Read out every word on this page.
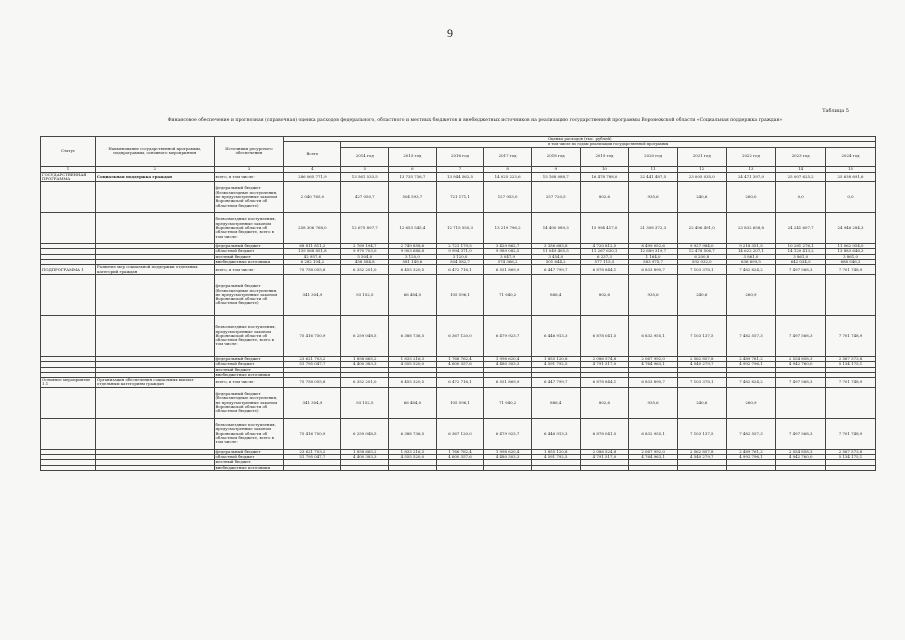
9
Таблица 5
Финансовое обеспечение и прогнозная (справочная) оценка расходов федерального, областного и местных бюджетов и внебюджетных источников на реализацию государственной программы Воронежской области «Социальная поддержка граждан»
Статус	Наименование государственной программы, подпрограммы, основного мероприятия	Источники ресурсного обеспечения	Оценка расходов (тыс. рублей)											
			Всего	в том числе по годам реализации государственной программы										
				2014 год	2015 год	2016 год	2017 год	2018 год	2019 год	2020 год	2021 год	2022 год	2023 год	2024 год
1	2	3	4	5	6	7	8	9	10	11	12	13	14	15
ГОСУДАРСТВЕННАЯ ПРОГРАММА	Социальная поддержка граждан	всего, в том числе:	286 065 771,9	13 561 533,5	13 735 736,7	13 944 562,5	14 025 223,6	15 168 088,7	16 478 788,0	22 441 487,5	23 005 035,0	24 471 397,0	25 007 625,2	25 638 691,6
		федеральный бюджет (безвозмездные поступления, не предусмотренные законом Воронежской области об областном бюджете)	2 040 765,0	427 050,7	504 593,7	721 171,1	127 953,0	257 720,5	802,6	935,6	240,6	260,0	0,0	0,0
		безвозмездные поступления, предусмотренные законом Воронежской области об областном бюджете, всего в том числе:	258 306 768,0	12 675 897,7	12 653 545,4	12 715 550,3	13 219 796,2	14 400 089,3	15 994 417,0	21 308 372,3	22 406 491,0	23 832 658,8	24 241 607,7	24 946 284,3
		федеральный бюджет	68 811 811,2	2 769 194,7	2 749 858,6	2 721 179,5	3 429 862,7	3 356 683,8	4 720 812,5	8 499 052,6	9 927 984,0	9 218 351,5	10 281 276,1	11 062 954,0
		областной бюджет	139 568 851,8	9 970 703,0	9 903 686,8	9 994 371,0	9 989 082,5	11 049 405,5	11 267 630,1	12 689 319,7	12 478 506,7	14 622 207,1	14 120 413,2	13 883 646,3
		местный бюджет	42 957,6	5 504,0	3 120,0	3 120,0	3 047,9	3 454,0	6 237,3	1 164,0	6 200,8	3 861,0	3 861,0	3 861,0
		внебюджетные источники	6 282 104,2	458 584,8	581 149,6	504 582,7	574 366,2	501 644,2	577 115,5	583 975,7	592 032,0	636 699,5	642 034,5	688 546,3
ПОДПРОГРАММА 1	Развитие мер социальной поддержки отдельных категорий граждан	всего, в том числе:	75 758 055,8	6 352 201,0	6 455 320,5	6 472 716,1	6 551 869,9	6 447 799,7	6 878 844,1	6 833 890,7	7 103 378,1	7 482 824,2	7 497 568,3	7 701 748,9
		федеральный бюджет (безвозмездные поступления, не предусмотренные законом Воронежской области об областном бюджете)	341 304,9	93 152,5	66 484,0	105 596,1	71 940,2	886,4	802,6	935,6	240,6	260,9		
		безвозмездные поступления, предусмотренные законом Воронежской области об областном бюджете, всего в том числе:	75 416 750,9	6 259 048,5	6 388 736,5	6 367 120,0	6 479 923,7	6 446 913,3	6 878 041,5	6 832 955,1	7 103 137,5	7 482 557,3	7 497 568,3	7 701 748,9
		федеральный бюджет	23 621 703,2	1 858 665,2	1 833 216,3	1 766 762,4	1 998 620,4	1 855 120,8	2 086 574,8	2 067 992,0	2 562 857,8	2 489 761,2	2 554 858,3	2 567 573,8
		областной бюджет	51 795 047,7	4 400 383,3	4 555 520,0	4 600 357,6	4 480 303,3	4 591 792,5	4 791 517,0	4 764 963,1	4 540 279,7	4 992 796,1	4 942 760,0	5 134 175,1
		местный бюджет												
		внебюджетные источники												
Основное мероприятие 1.1	Организация обеспечения социальных выплат отдельным категориям граждан	всего, в том числе:	75 758 055,8	6 352 201,0	6 455 320,5	6 472 716,1	6 551 869,9	6 447 799,7	6 878 844,1	6 833 890,7	7 103 378,1	7 482 824,2	7 497 568,3	7 701 748,9
		федеральный бюджет (безвозмездные поступления, не предусмотренные законом Воронежской области об областном бюджете)	341 304,9	93 152,5	66 484,0	105 596,1	71 940,2	886,4	802,6	935,6	240,6	260,9		
		безвозмездные поступления, предусмотренные законом Воронежской области об областном бюджете, всего в том числе:	75 416 750,9	6 259 048,5	6 388 736,5	6 367 120,0	6 479 923,7	6 446 913,3	6 878 041,5	6 832 955,1	7 103 137,5	7 482 557,3	7 497 568,3	7 701 748,9
		федеральный бюджет	23 621 703,2	1 858 665,2	1 833 216,3	1 766 762,4	1 998 620,4	1 855 120,8	2 086 524,8	2 067 992,0	2 562 857,8	2 489 761,2	2 554 858,3	2 567 573,8
		областной бюджет	51 795 047,7	4 400 383,3	4 555 520,0	4 600 357,6	4 480 303,3	4 591 792,5	4 791 517,0	4 764 963,1	4 540 279,7	4 992 796,1	4 942 760,0	5 134 175,1
		местный бюджет												
		внебюджетные источники												
